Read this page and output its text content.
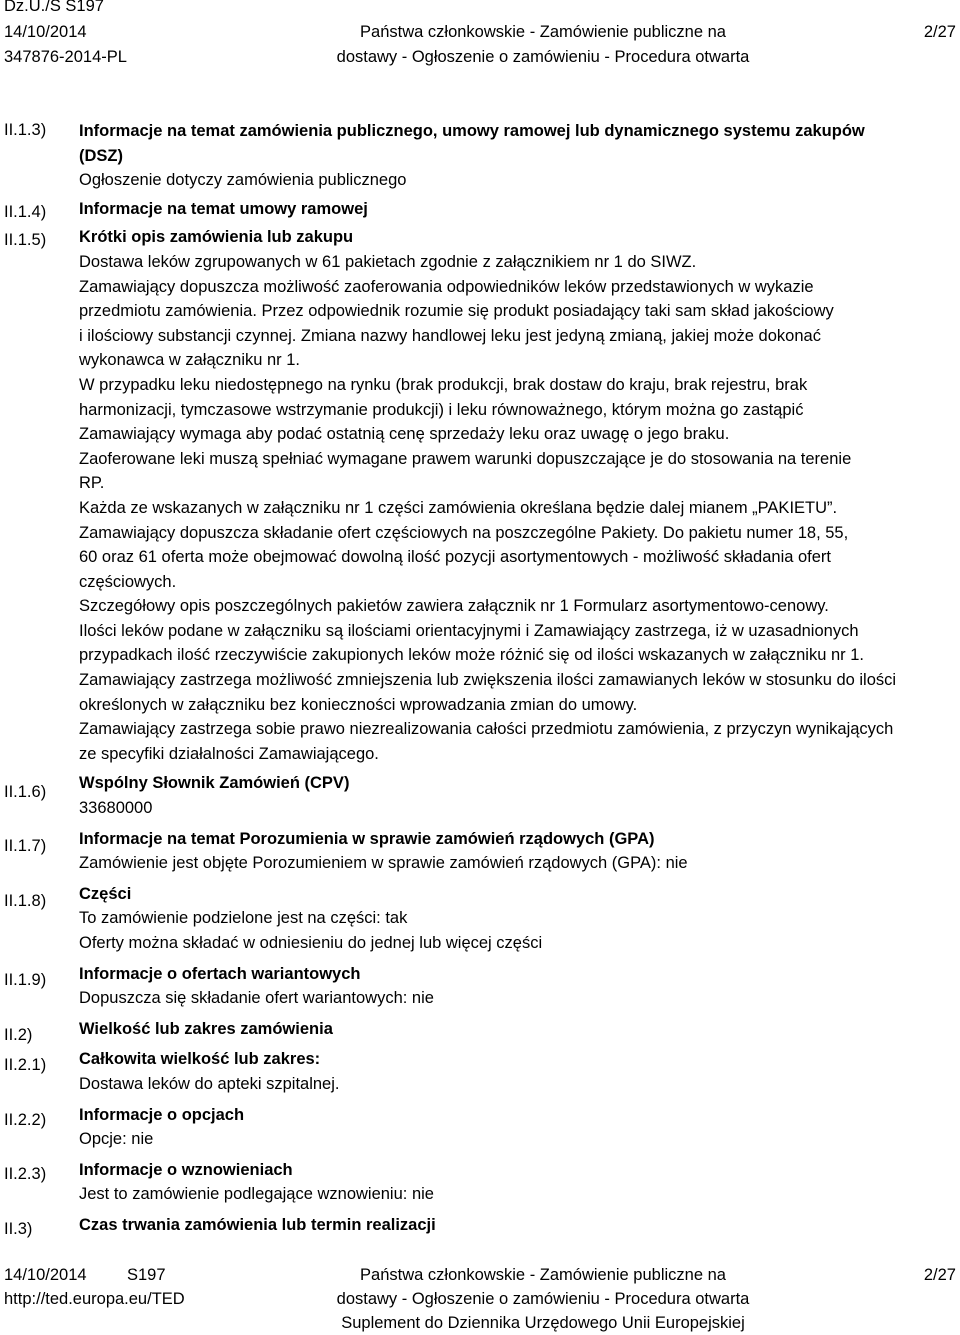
Dz.U./S S197
14/10/2014
347876-2014-PL
Państwa członkowskie - Zamówienie publiczne na
dostawy - Ogłoszenie o zamówieniu - Procedura otwarta
2/27
II.1.3)
II.1.4)
II.1.5)
II.1.6)
II.1.7)
II.1.8)
II.1.9)
II.2)
II.2.1)
II.2.2)
II.2.3)
II.3)
Informacje na temat zamówienia publicznego, umowy ramowej lub dynamicznego systemu zakupów
(DSZ)
Ogłoszenie dotyczy zamówienia publicznego
Informacje na temat umowy ramowej
Krótki opis zamówienia lub zakupu
Dostawa leków zgrupowanych w 61 pakietach zgodnie z załącznikiem nr 1 do SIWZ.
Zamawiający dopuszcza możliwość zaoferowania odpowiedników leków przedstawionych w wykazie
przedmiotu zamówienia. Przez odpowiednik rozumie się produkt posiadający taki sam skład jakościowy
i ilościowy substancji czynnej. Zmiana nazwy handlowej leku jest jedyną zmianą, jakiej może dokonać
wykonawca w załączniku nr 1.
W przypadku leku niedostępnego na rynku (brak produkcji, brak dostaw do kraju, brak rejestru, brak
harmonizacji, tymczasowe wstrzymanie produkcji) i leku równoważnego, którym można go zastąpić
Zamawiający wymaga aby podać ostatnią cenę sprzedaży leku oraz uwagę o jego braku.
Zaoferowane leki muszą spełniać wymagane prawem warunki dopuszczające je do stosowania na terenie
RP.
Każda ze wskazanych w załączniku nr 1 części zamówienia określana będzie dalej mianem „PAKIETU”.
Zamawiający dopuszcza składanie ofert częściowych na poszczególne Pakiety. Do pakietu numer 18, 55,
60 oraz 61 oferta może obejmować dowolną ilość pozycji asortymentowych - możliwość składania ofert
częściowych.
Szczegółowy opis poszczególnych pakietów zawiera załącznik nr 1 Formularz asortymentowo-cenowy.
Ilości leków podane w załączniku są ilościami orientacyjnymi i Zamawiający zastrzega, iż w uzasadnionych
przypadkach ilość rzeczywiście zakupionych leków może różnić się od ilości wskazanych w załączniku nr 1.
Zamawiający zastrzega możliwość zmniejszenia lub zwiększenia ilości zamawianych leków w stosunku do ilości
określonych w załączniku bez konieczności wprowadzania zmian do umowy.
Zamawiający zastrzega sobie prawo niezrealizowania całości przedmiotu zamówienia, z przyczyn wynikających
ze specyfiki działalności Zamawiającego.
Wspólny Słownik Zamówień (CPV)
33680000
Informacje na temat Porozumienia w sprawie zamówień rządowych (GPA)
Zamówienie jest objęte Porozumieniem w sprawie zamówień rządowych (GPA): nie
Części
To zamówienie podzielone jest na części: tak
Oferty można składać w odniesieniu do jednej lub więcej części
Informacje o ofertach wariantowych
Dopuszcza się składanie ofert wariantowych: nie
Wielkość lub zakres zamówienia
Całkowita wielkość lub zakres:
Dostawa leków do apteki szpitalnej.
Informacje o opcjach
Opcje: nie
Informacje o wznowieniach
Jest to zamówienie podlegające wznowieniu: nie
Czas trwania zamówienia lub termin realizacji
14/10/2014 S197
http://ted.europa.eu/TED
Państwa członkowskie - Zamówienie publiczne na
dostawy - Ogłoszenie o zamówieniu - Procedura otwarta
Suplement do Dziennika Urzędowego Unii Europejskiej
2/27
